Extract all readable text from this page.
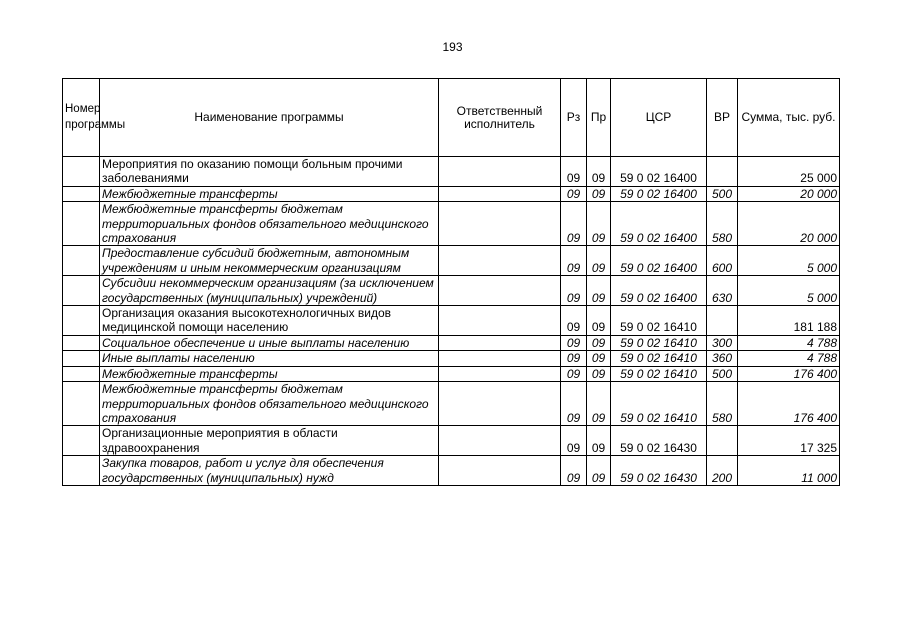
193
Номер программы	Наименование программы	Ответственный исполнитель	Рз	Пр	ЦСР	ВР	Сумма, тыс. руб.
	Мероприятия по оказанию помощи больным прочими заболеваниями		09	09	59 0 02 16400		25 000
	Межбюджетные трансферты		09	09	59 0 02 16400	500	20 000
	Межбюджетные трансферты бюджетам территориальных фондов обязательного медицинского страхования		09	09	59 0 02 16400	580	20 000
	Предоставление субсидий бюджетным, автономным учреждениям и иным некоммерческим организациям		09	09	59 0 02 16400	600	5 000
	Субсидии некоммерческим организациям (за исключением государственных (муниципальных) учреждений)		09	09	59 0 02 16400	630	5 000
	Организация оказания высокотехнологичных видов медицинской помощи населению		09	09	59 0 02 16410		181 188
	Социальное обеспечение и иные выплаты населению		09	09	59 0 02 16410	300	4 788
	Иные выплаты населению		09	09	59 0 02 16410	360	4 788
	Межбюджетные трансферты		09	09	59 0 02 16410	500	176 400
	Межбюджетные трансферты бюджетам территориальных фондов обязательного медицинского страхования		09	09	59 0 02 16410	580	176 400
	Организационные мероприятия в области здравоохранения		09	09	59 0 02 16430		17 325
	Закупка товаров, работ и услуг для обеспечения государственных (муниципальных) нужд		09	09	59 0 02 16430	200	11 000
